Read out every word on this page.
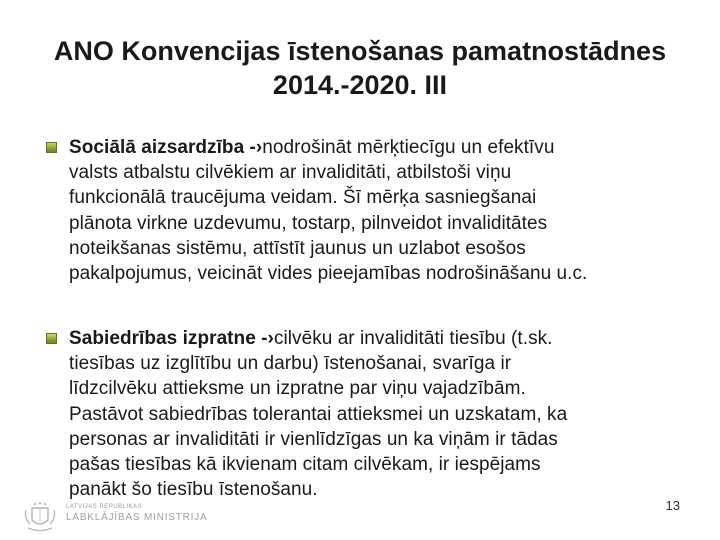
ANO Konvencijas īstenošanas pamatnostādnes
2014.-2020. III
Sociālā aizsardzība -›nodrošināt mērķtiecīgu un efektīvu
valsts atbalstu cilvēkiem ar invaliditāti, atbilstoši viņu
funkcionālā traucējuma veidam. Šī mērķa sasniegšanai
plānota virkne uzdevumu, tostarp, pilnveidot invaliditātes
noteikšanas sistēmu, attīstīt jaunus un uzlabot esošos
pakalpojumus, veicināt vides pieejamības nodrošināšanu u.c.
Sabiedrības izpratne -›cilvēku ar invaliditāti tiesību (t.sk.
tiesības uz izglītību un darbu) īstenošanai, svarīga ir
līdzcilvēku attieksme un izpratne par viņu vajadzībām.
Pastāvot sabiedrības tolerantai attieksmei un uzskatam, ka
personas ar invaliditāti ir vienlīdzīgas un ka viņām ir tādas
pašas tiesības kā ikvienam citam cilvēkam, ir iespējams
panākt šo tiesību īstenošanu.
LATVIJAS REPUBLIKAS
LABKLĀJĪBAS MINISTRIJA
13
